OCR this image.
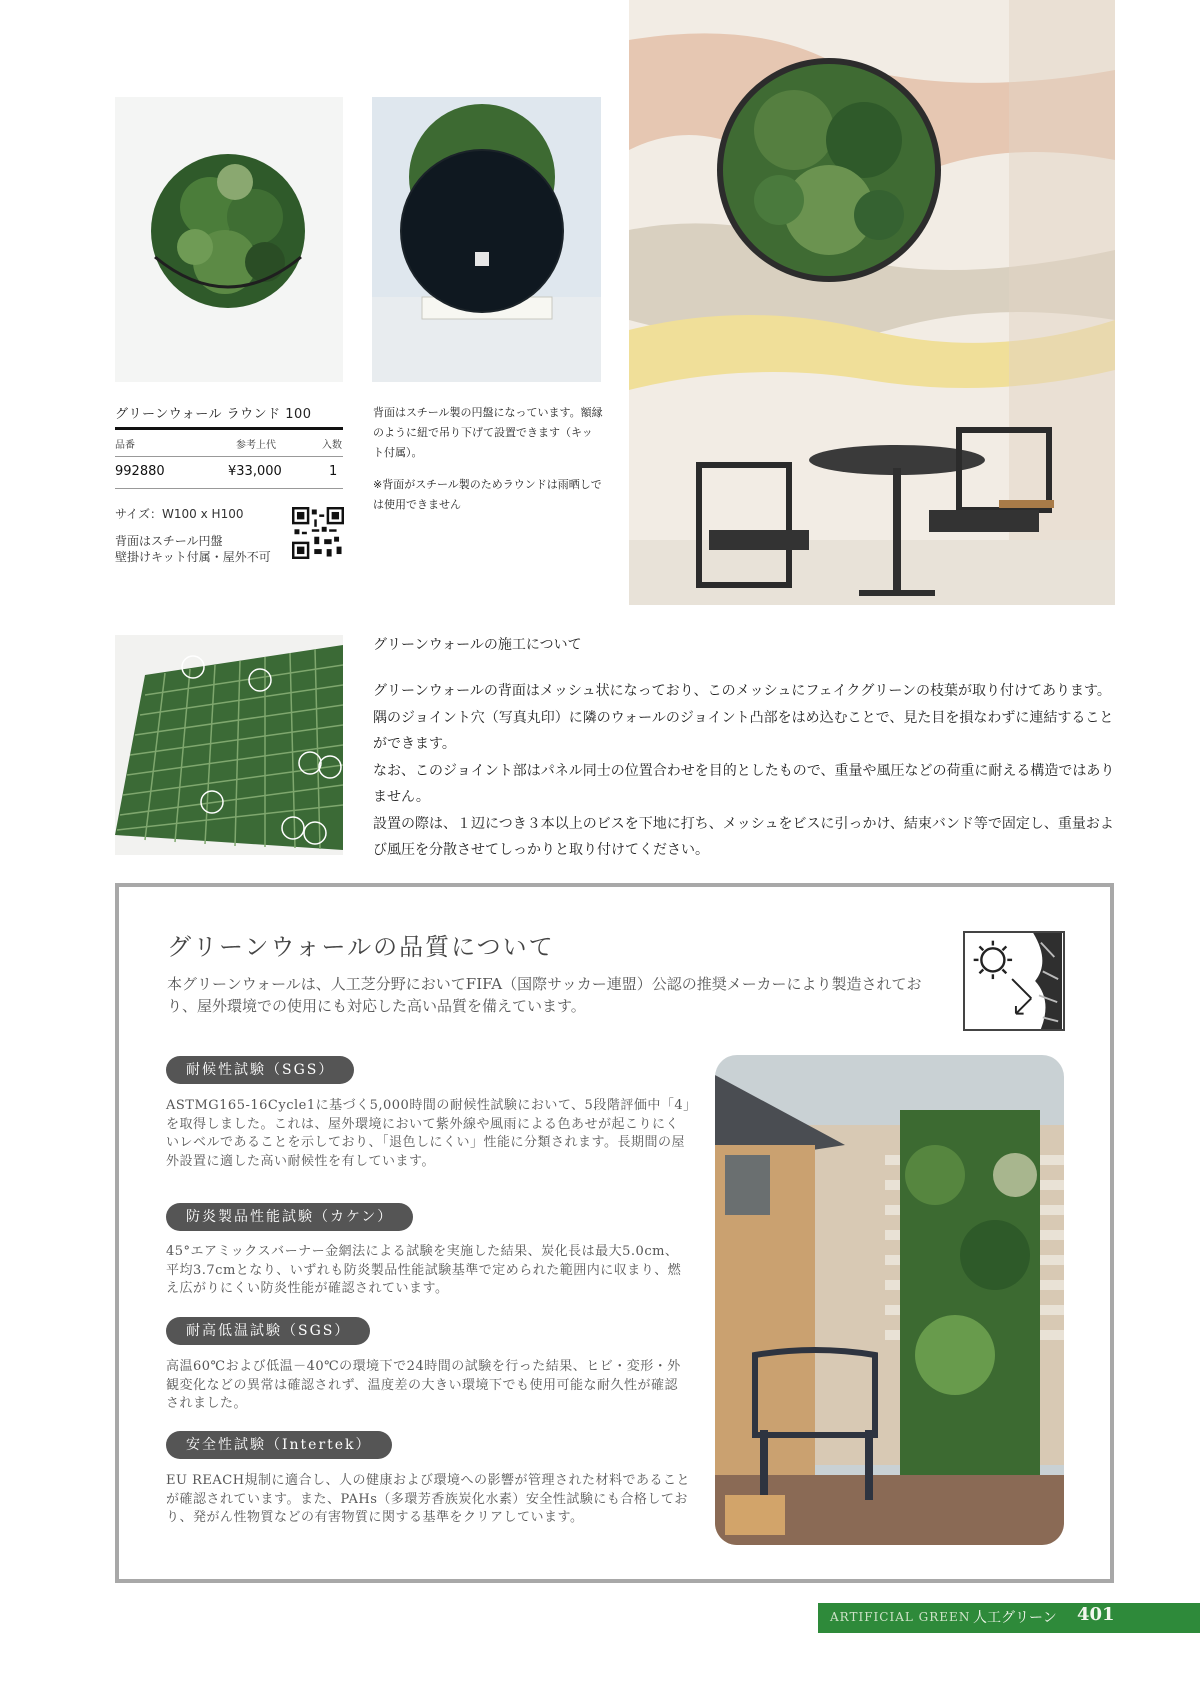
グリーンウォール ラウンド 100
品番	参考上代	入数
992880	¥33,000	1
サイズ：W100 x H100
背面はスチール円盤
壁掛けキット付属・屋外不可

背面はスチール製の円盤になっています。額縁のように紐で吊り下げて設置できます（キット付属）。

※背面がスチール製のためラウンドは雨晒しでは使用できません

グリーンウォールの施工について
グリーンウォールの背面はメッシュ状になっており、このメッシュにフェイクグリーンの枝葉が取り付けてあります。隅のジョイント穴（写真丸印）に隣のウォールのジョイント凸部をはめ込むことで、見た目を損なわずに連結することができます。
なお、このジョイント部はパネル同士の位置合わせを目的としたもので、重量や風圧などの荷重に耐える構造ではありません。
設置の際は、１辺につき３本以上のビスを下地に打ち、メッシュをビスに引っかけ、結束バンド等で固定し、重量および風圧を分散させてしっかりと取り付けてください。
グリーンウォールの品質について
本グリーンウォールは、人工芝分野においてFIFA（国際サッカー連盟）公認の推奨メーカーにより製造されており、屋外環境での使用にも対応した高い品質を備えています。
耐候性試験（SGS）
ASTMG165-16Cycle1に基づく5,000時間の耐候性試験において、5段階評価中「4」を取得しました。これは、屋外環境において紫外線や風雨による色あせが起こりにくいレベルであることを示しており、「退色しにくい」性能に分類されます。長期間の屋外設置に適した高い耐候性を有しています。
防炎製品性能試験（カケン）
45°エアミックスバーナー金網法による試験を実施した結果、炭化長は最大5.0cm、平均3.7cmとなり、いずれも防炎製品性能試験基準で定められた範囲内に収まり、燃え広がりにくい防炎性能が確認されています。
耐高低温試験（SGS）
高温60℃および低温－40℃の環境下で24時間の試験を行った結果、ヒビ・変形・外観変化などの異常は確認されず、温度差の大きい環境下でも使用可能な耐久性が確認されました。
安全性試験（Intertek）
EU REACH規制に適合し、人の健康および環境への影響が管理された材料であることが確認されています。また、PAHs（多環芳香族炭化水素）安全性試験にも合格しており、発がん性物質などの有害物質に関する基準をクリアしています。
ARTIFICIAL GREEN 人工グリーン 401
